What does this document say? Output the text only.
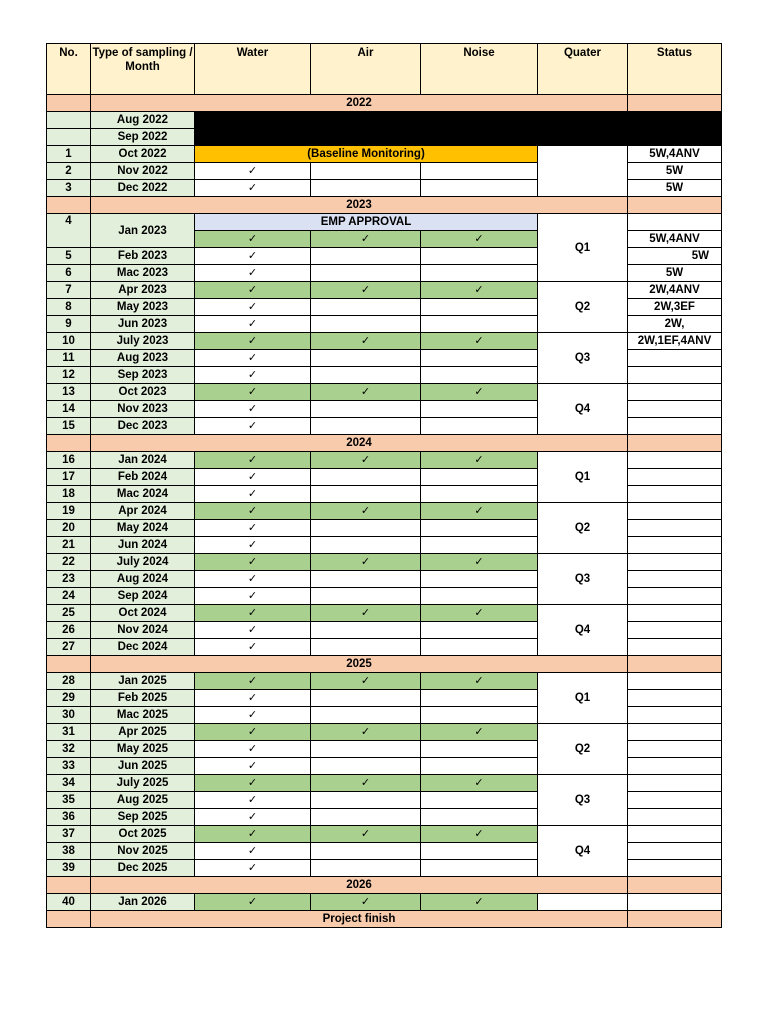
No.	Type of sampling / Month	Water	Air	Noise	Quater	Status
	2022					
	Aug 2022					
	Sep 2022					
1	Oct 2022	(Baseline Monitoring)				5W,4ANV
2	Nov 2022	✓				5W
3	Dec 2022	✓				5W
	2023					
4	Jan 2023	EMP APPROVAL			Q1	
		✓	✓	✓		5W,4ANV
5	Feb 2023	✓				5W
6	Mac 2023	✓				5W
7	Apr 2023	✓	✓	✓	Q2	2W,4ANV
8	May 2023	✓				2W,3EF
9	Jun 2023	✓				2W,
10	July 2023	✓	✓	✓	Q3	2W,1EF,4ANV
11	Aug 2023	✓				
12	Sep 2023	✓				
13	Oct 2023	✓	✓	✓	Q4	
14	Nov 2023	✓				
15	Dec 2023	✓				
	2024					
16	Jan 2024	✓	✓	✓	Q1	
17	Feb 2024	✓				
18	Mac 2024	✓				
19	Apr 2024	✓	✓	✓	Q2	
20	May 2024	✓				
21	Jun 2024	✓				
22	July 2024	✓	✓	✓	Q3	
23	Aug 2024	✓				
24	Sep 2024	✓				
25	Oct 2024	✓	✓	✓	Q4	
26	Nov 2024	✓				
27	Dec 2024	✓				
	2025					
28	Jan 2025	✓	✓	✓	Q1	
29	Feb 2025	✓				
30	Mac 2025	✓				
31	Apr 2025	✓	✓	✓	Q2	
32	May 2025	✓				
33	Jun 2025	✓				
34	July 2025	✓	✓	✓	Q3	
35	Aug 2025	✓				
36	Sep 2025	✓				
37	Oct 2025	✓	✓	✓	Q4	
38	Nov 2025	✓				
39	Dec 2025	✓				
	2026					
40	Jan 2026	✓	✓	✓		
	Project finish					
